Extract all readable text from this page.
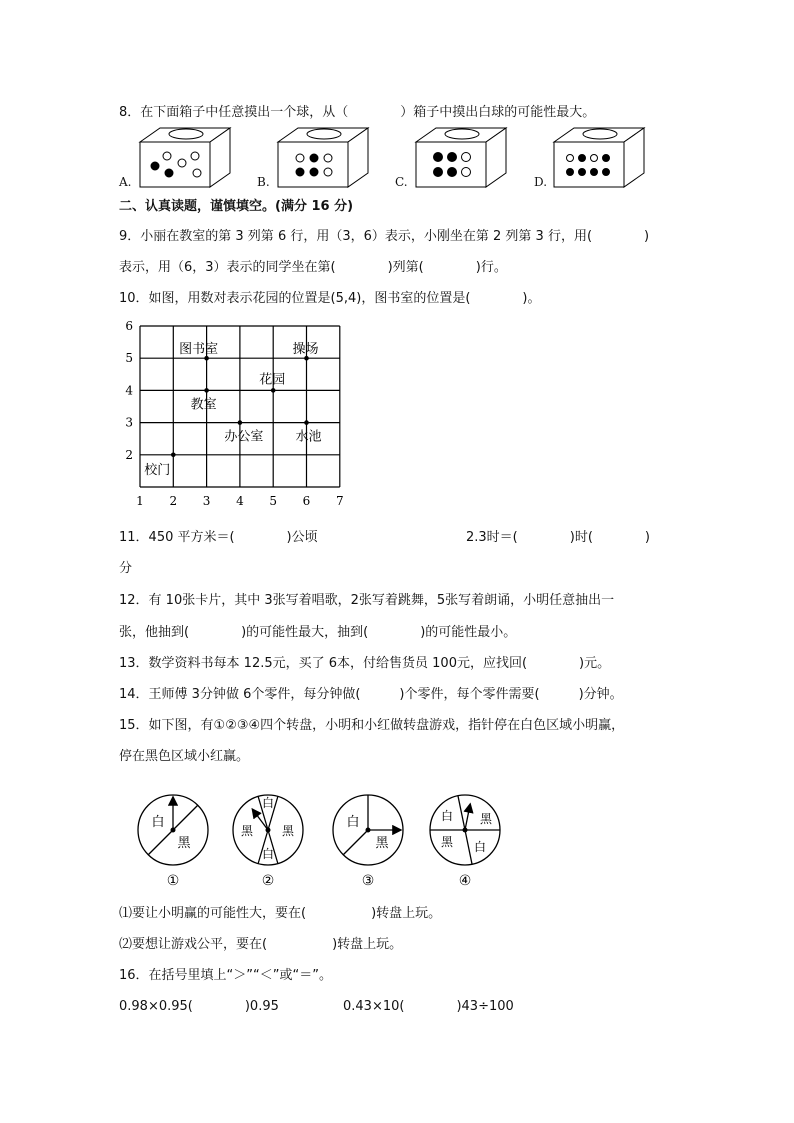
8．在下面箱子中任意摸出一个球，从（　　　　）箱子中摸出白球的可能性最大。
A.	B.	C.	D.
二、认真读题，谨慎填空。(满分 16 分)
9．小丽在教室的第 3 列第 6 行，用（3，6）表示，小刚坐在第 2 列第 3 行，用(　　　　)
表示，用（6，3）表示的同学坐在第(　　　　)列第(　　　　)行。
10．如图，用数对表示花园的位置是(5,4)，图书室的位置是(　　　　)。
1 2 3 4 5 6 7
2
3
4
5
6
图书室	操场
花园
教室
办公室 水池
校门
11．450 平方米＝(　　　　)公顷	2.3时＝(　　　　)时(　　　　)
分
12．有 10张卡片，其中 3张写着唱歌，2张写着跳舞，5张写着朗诵，小明任意抽出一
张，他抽到(　　　　)的可能性最大，抽到(　　　　)的可能性最小。
13．数学资料书每本 12.5元，买了 6本，付给售货员 100元，应找回(　　　　)元。
14．王师傅 3分钟做 6个零件，每分钟做(　　　)个零件，每个零件需要(　　　)分钟。
15．如下图，有①②③④四个转盘，小明和小红做转盘游戏，指针停在白色区域小明赢，
停在黑色区域小红赢。
白
黑
白
白
黑 黑
白
黑
白 黑
黑 白
①	②	③	④
⑴要让小明赢的可能性大，要在(　　　　　)转盘上玩。
⑵要想让游戏公平，要在(　　　　　)转盘上玩。
16．在括号里填上“＞”“＜”或“＝”。
0.98×0.95(　　　　)0.95	0.43×10(　　　　)43÷100
